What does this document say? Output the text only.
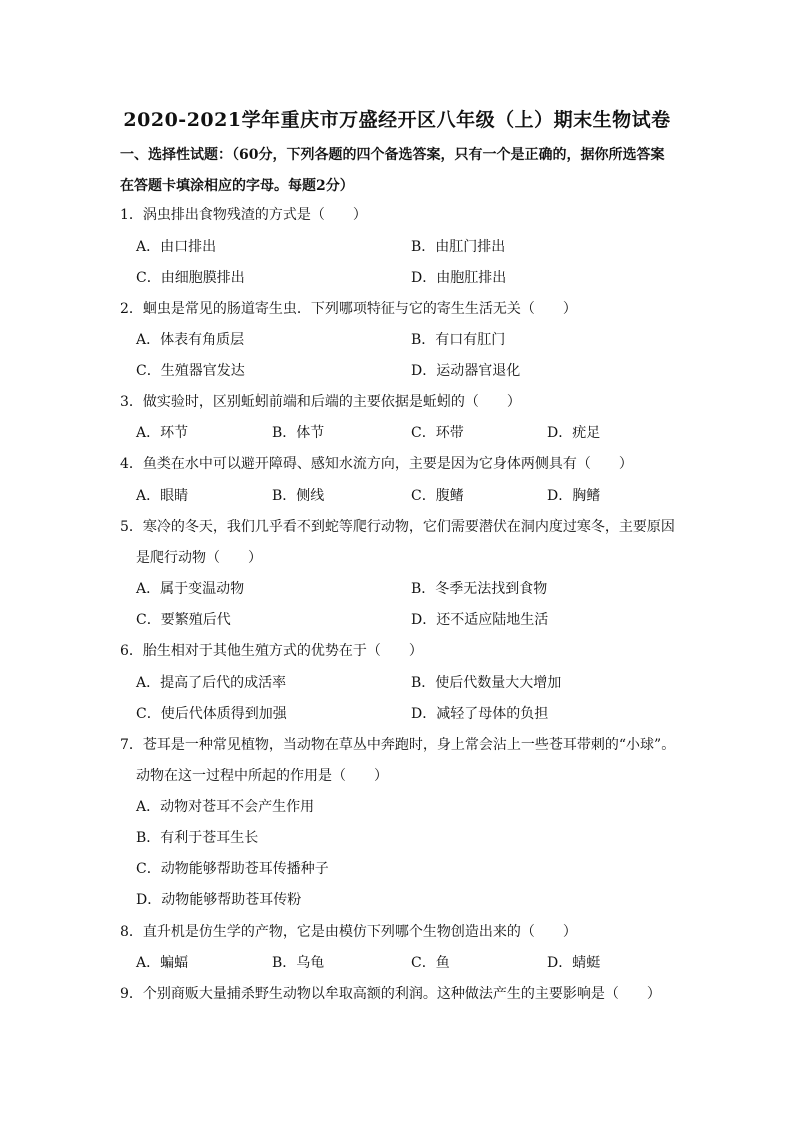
2020-2021学年重庆市万盛经开区八年级（上）期末生物试卷
一、选择性试题：（60分，下列各题的四个备选答案，只有一个是正确的，据你所选答案
在答题卡填涂相应的字母。每题2分）
1．涡虫排出食物残渣的方式是（　　）
A．由口排出	B．由肛门排出
C．由细胞膜排出	D．由胞肛排出
2．蛔虫是常见的肠道寄生虫．下列哪项特征与它的寄生生活无关（　　）
A．体表有角质层	B．有口有肛门
C．生殖器官发达	D．运动器官退化
3．做实验时，区别蚯蚓前端和后端的主要依据是蚯蚓的（　　）
A．环节	B．体节	C．环带	D．疣足
4．鱼类在水中可以避开障碍、感知水流方向，主要是因为它身体两侧具有（　　）
A．眼睛	B．侧线	C．腹鳍	D．胸鳍
5．寒冷的冬天，我们几乎看不到蛇等爬行动物，它们需要潜伏在洞内度过寒冬，主要原因
是爬行动物（　　）
A．属于变温动物	B．冬季无法找到食物
C．要繁殖后代	D．还不适应陆地生活
6．胎生相对于其他生殖方式的优势在于（　　）
A．提高了后代的成活率	B．使后代数量大大增加
C．使后代体质得到加强	D．减轻了母体的负担
7．苍耳是一种常见植物，当动物在草丛中奔跑时，身上常会沾上一些苍耳带刺的“小球”。
动物在这一过程中所起的作用是（　　）
A．动物对苍耳不会产生作用
B．有利于苍耳生长
C．动物能够帮助苍耳传播种子
D．动物能够帮助苍耳传粉
8．直升机是仿生学的产物，它是由模仿下列哪个生物创造出来的（　　）
A．蝙蝠	B．乌龟	C．鱼	D．蜻蜓
9．个别商贩大量捕杀野生动物以牟取高额的利润。这种做法产生的主要影响是（　　）
